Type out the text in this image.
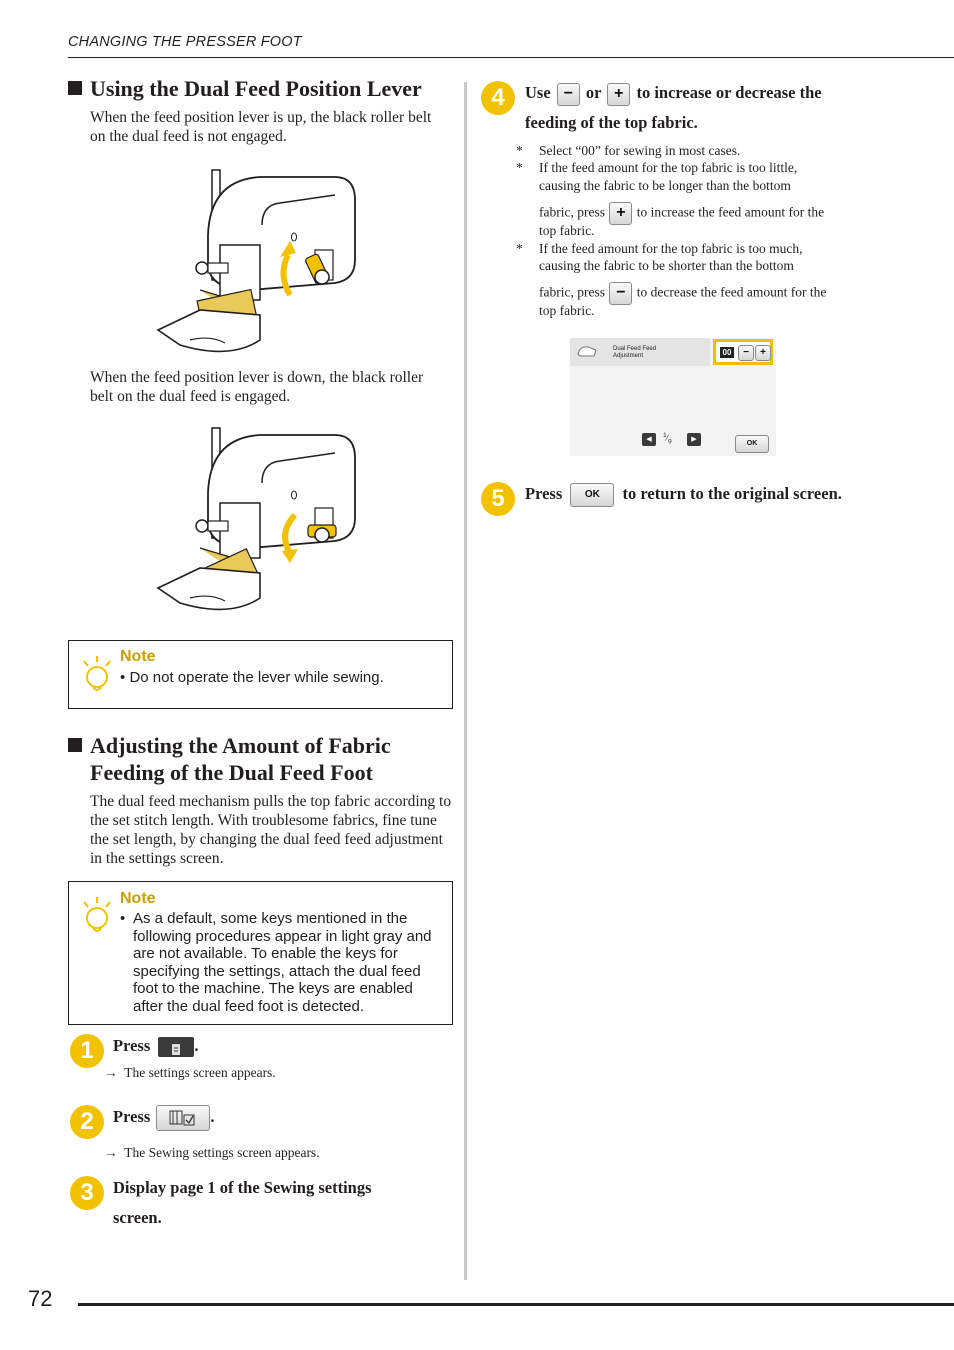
CHANGING THE PRESSER FOOT
Using the Dual Feed Position Lever
When the feed position lever is up, the black roller belt on the dual feed is not engaged.
When the feed position lever is down, the black roller belt on the dual feed is engaged.
Note
• Do not operate the lever while sewing.
Adjusting the Amount of Fabric
Feeding of the Dual Feed Foot
The dual feed mechanism pulls the top fabric according to the set stitch length. With troublesome fabrics, fine tune the set length, by changing the dual feed feed adjustment in the settings screen.
Note
• As a default, some keys mentioned in the following procedures appear in light gray and are not available. To enable the keys for specifying the settings, attach the dual feed foot to the machine. The keys are enabled after the dual feed foot is detected.
1	Press	.
→ The settings screen appears.
2	Press	.
→ The Sewing settings screen appears.
3	Display page 1 of the Sewing settings
screen.
4	Use − or + to increase or decrease the
feeding of the top fabric.
* Select “00” for sewing in most cases.
* If the feed amount for the top fabric is too little,
causing the fabric to be longer than the bottom
fabric, press + to increase the feed amount for the
top fabric.
* If the feed amount for the top fabric is too much,
causing the fabric to be shorter than the bottom
fabric, press − to decrease the feed amount for the
top fabric.
Dual Feed Feed
Adjustment	00	−	+
◀
$^1⁄_9$	▶
OK
5	Press OK to return to the original screen.
72
